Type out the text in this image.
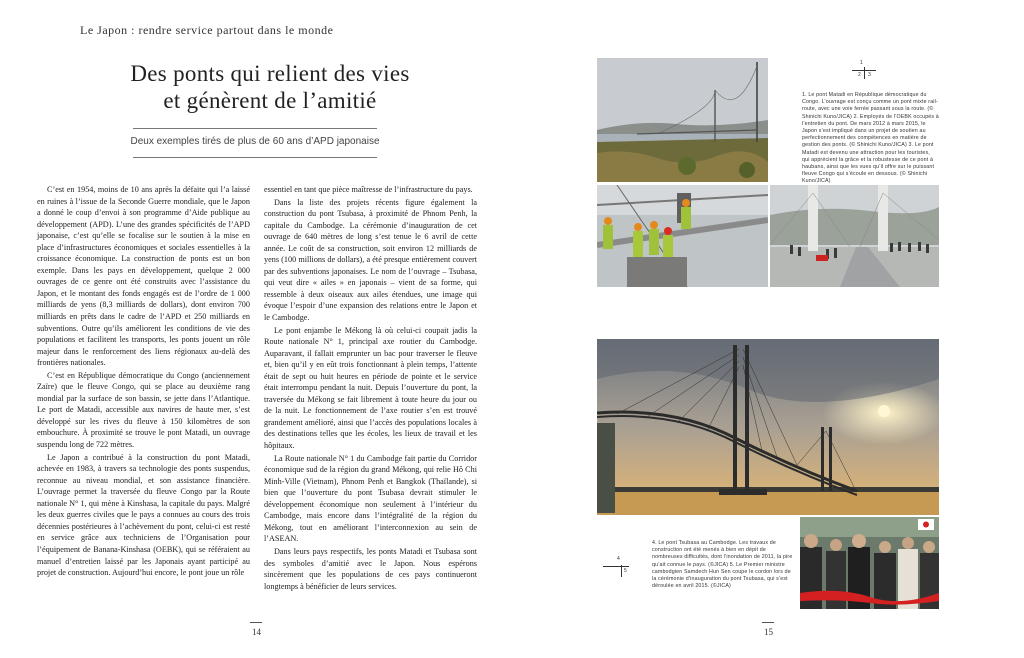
Le Japon : rendre service partout dans le monde
Des ponts qui relient des vies
et génèrent de l’amitié
Deux exemples tirés de plus de 60 ans d’APD japonaise

C’est en 1954, moins de 10 ans après la défaite qui l’a laissé en ruines à l’issue de la Seconde Guerre mondiale, que le Japon a donné le coup d’envoi à son programme d’Aide publique au développement (APD). L’une des grandes spécificités de l’APD japonaise, c’est qu’elle se focalise sur le soutien à la mise en place d’infrastructures économiques et sociales essentielles à la croissance économique. La construction de ponts est un bon exemple. Dans les pays en développement, quelque 2 000 ouvrages de ce genre ont été construits avec l’assistance du Japon, et le montant des fonds engagés est de l’ordre de 1 000 milliards de yens (8,3 milliards de dollars), dont environ 700 milliards en prêts dans le cadre de l’APD et 250 milliards en subventions. Outre qu’ils améliorent les conditions de vie des populations et facilitent les transports, les ponts jouent un rôle majeur dans le renforcement des liens régionaux au-delà des frontières nationales.

C’est en République démocratique du Congo (anciennement Zaïre) que le fleuve Congo, qui se place au deuxième rang mondial par la surface de son bassin, se jette dans l’Atlantique. Le port de Matadi, accessible aux navires de haute mer, s’est développé sur les rives du fleuve à 150 kilomètres de son embouchure. À proximité se trouve le pont Matadi, un ouvrage suspendu long de 722 mètres.

Le Japon a contribué à la construction du pont Matadi, achevée en 1983, à travers sa technologie des ponts suspendus, reconnue au niveau mondial, et son assistance financière. L’ouvrage permet la traversée du fleuve Congo par la Route nationale N° 1, qui mène à Kinshasa, la capitale du pays. Malgré les deux guerres civiles que le pays a connues au cours des trois décennies postérieures à l’achèvement du pont, celui-ci est resté en service grâce aux techniciens de l’Organisation pour l’équipement de Banana-Kinshasa (OEBK), qui se référaient au manuel d’entretien laissé par les Japonais ayant participé au projet de construction. Aujourd’hui encore, le pont joue un rôle

essentiel en tant que pièce maîtresse de l’infrastructure du pays.

Dans la liste des projets récents figure également la construction du pont Tsubasa, à proximité de Phnom Penh, la capitale du Cambodge. La cérémonie d’inauguration de cet ouvrage de 640 mètres de long s’est tenue le 6 avril de cette année. Le coût de sa construction, soit environ 12 milliards de yens (100 millions de dollars), a été presque entièrement couvert par des subventions japonaises. Le nom de l’ouvrage – Tsubasa, qui veut dire « ailes » en japonais – vient de sa forme, qui ressemble à deux oiseaux aux ailes étendues, une image qui évoque l’espoir d’une expansion des relations entre le Japon et le Cambodge.

Le pont enjambe le Mékong là où celui-ci coupait jadis la Route nationale N° 1, principal axe routier du Cambodge. Auparavant, il fallait emprunter un bac pour traverser le fleuve et, bien qu’il y en eût trois fonctionnant à plein temps, l’attente était de sept ou huit heures en période de pointe et le service était interrompu pendant la nuit. Depuis l’ouverture du pont, la traversée du Mékong se fait librement à toute heure du jour ou de la nuit. Le fonctionnement de l’axe routier s’en est trouvé grandement amélioré, ainsi que l’accès des populations locales à des destinations telles que les écoles, les lieux de travail et les hôpitaux.

La Route nationale N° 1 du Cambodge fait partie du Corridor économique sud de la région du grand Mékong, qui relie Hô Chi Minh-Ville (Vietnam), Phnom Penh et Bangkok (Thaïlande), si bien que l’ouverture du pont Tsubasa devrait stimuler le développement économique non seulement à l’intérieur du Cambodge, mais encore dans l’intégralité de la région du Mékong, tout en améliorant l’interconnexion au sein de l’ASEAN.

Dans leurs pays respectifs, les ponts Matadi et Tsubasa sont des symboles d’amitié avec le Japon. Nous espérons sincèrement que les populations de ces pays continueront longtemps à bénéficier de leurs services.

14
1
2 3
1. Le pont Matadi en République démocratique du Congo. L’ouvrage est conçu comme un pont mixte rail-route, avec une voie ferrée passant sous la route. (© Shinichi Kuno/JICA) 2. Employés de l’OEBK occupés à l’entretien du pont. De mars 2012 à mars 2015, le Japon s’est impliqué dans un projet de soutien au perfectionnement des compétences en matière de gestion des ponts. (© Shinichi Kuno/JICA) 3. Le pont Matadi est devenu une attraction pour les touristes, qui apprécient la grâce et la robustesse de ce pont à haubans, ainsi que les vues qu’il offre sur le puissant fleuve Congo qui s’écoule en dessous. (© Shinichi Kuno/JICA)
4
5
4. Le pont Tsubasa au Cambodge. Les travaux de construction ont été menés à bien en dépit de nombreuses difficultés, dont l’inondation de 2011, la pire qu’ait connue le pays. (©JICA) 5. Le Premier ministre cambodgien Samdech Hun Sen coupe le cordon lors de la cérémonie d’inauguration du pont Tsubasa, qui s’est déroulée en avril 2015. (©JICA)
15
